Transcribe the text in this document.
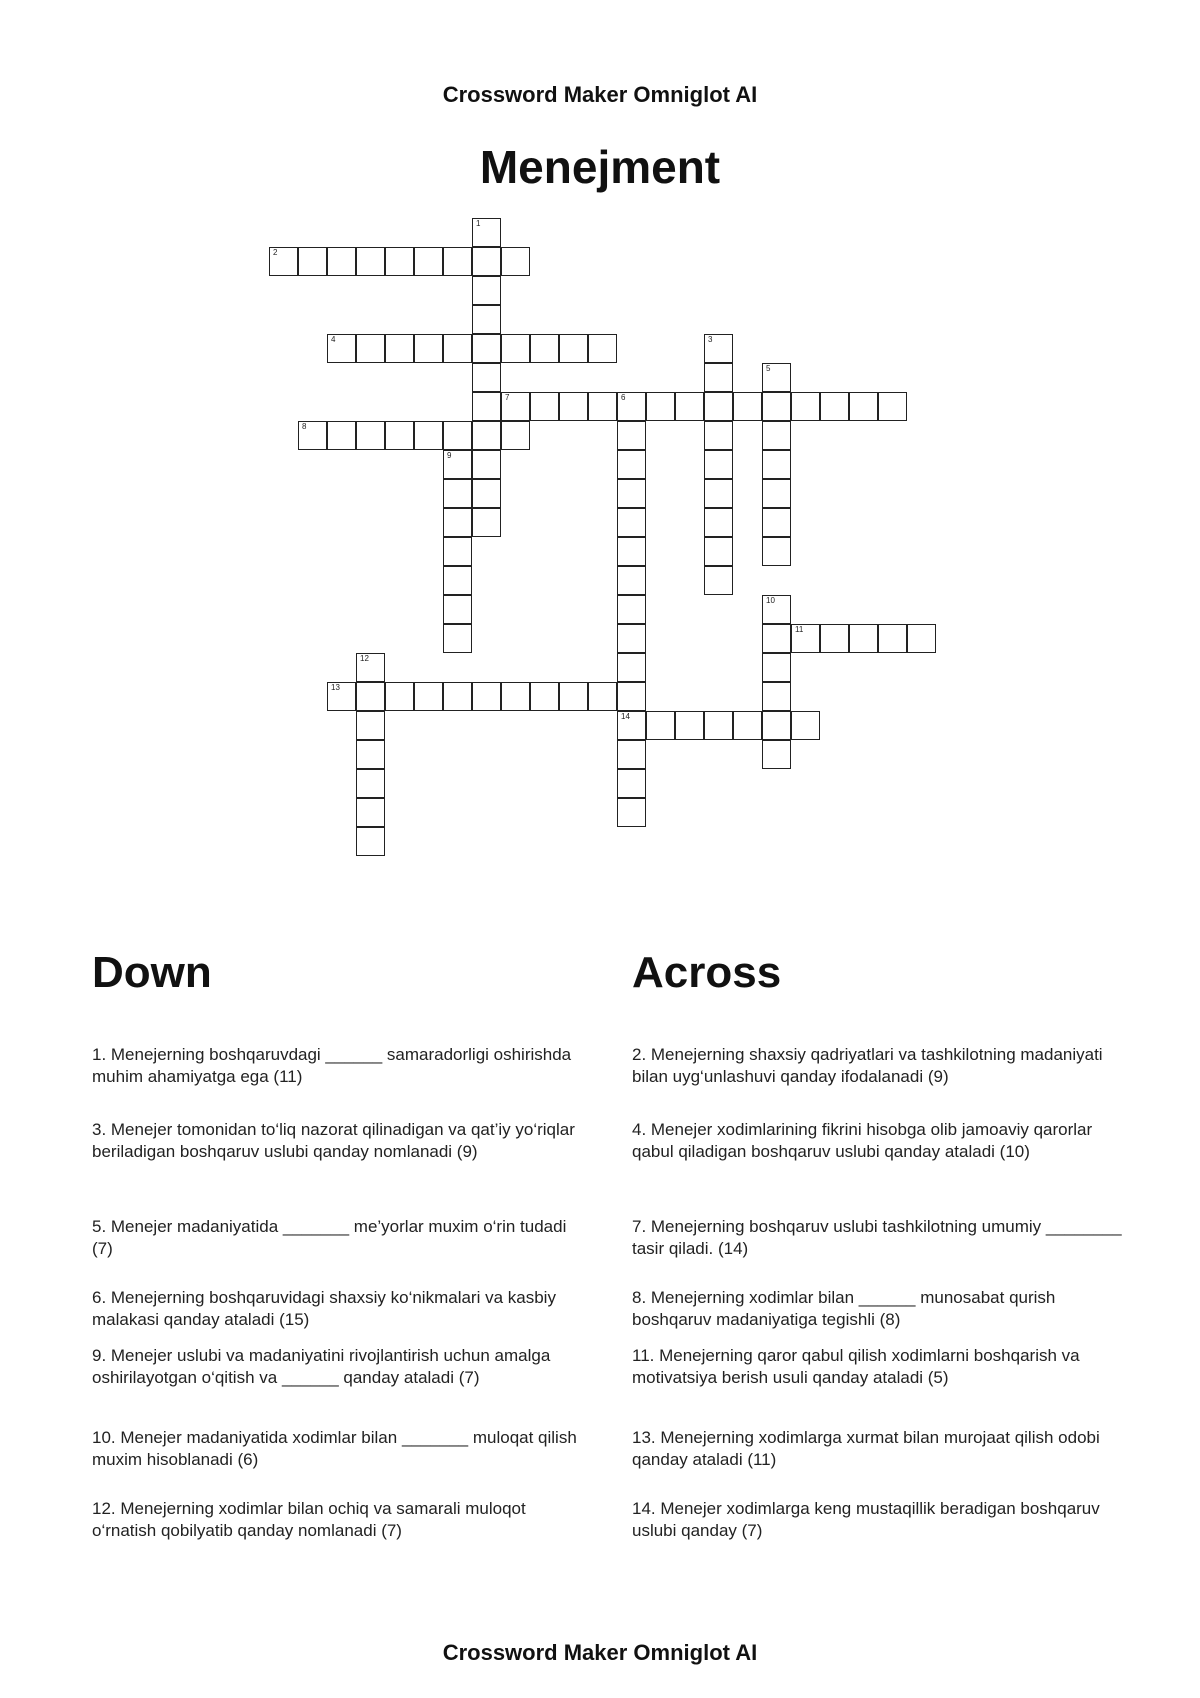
Crossword Maker Omniglot AI
Menejment
1
2
3
4
5
6
14
7
8
9
10
11
12
13
Down	Across
1. Menejerning boshqaruvdagi ______ samaradorligi oshirishda muhim ahamiyatga ega (11)
3. Menejer tomonidan to‘liq nazorat qilinadigan va qat’iy yo‘riqlar beriladigan boshqaruv uslubi qanday nomlanadi (9)
5. Menejer madaniyatida _______ me’yorlar muxim o‘rin tudadi (7)
6. Menejerning boshqaruvidagi shaxsiy ko‘nikmalari va kasbiy malakasi qanday ataladi (15)
9. Menejer uslubi va madaniyatini rivojlantirish uchun amalga oshirilayotgan o‘qitish va ______ qanday ataladi (7)
10. Menejer madaniyatida xodimlar bilan _______ muloqat qilish muxim hisoblanadi (6)
12. Menejerning xodimlar bilan ochiq va samarali muloqot o‘rnatish qobilyatib qanday nomlanadi (7)
2. Menejerning shaxsiy qadriyatlari va tashkilotning madaniyati bilan uyg‘unlashuvi qanday ifodalanadi (9)
4. Menejer xodimlarining fikrini hisobga olib jamoaviy qarorlar qabul qiladigan boshqaruv uslubi qanday ataladi (10)
7. Menejerning boshqaruv uslubi tashkilotning umumiy ________ tasir qiladi. (14)
8. Menejerning xodimlar bilan ______ munosabat qurish boshqaruv madaniyatiga tegishli (8)
11. Menejerning qaror qabul qilish xodimlarni boshqarish va motivatsiya berish usuli qanday ataladi (5)
13. Menejerning xodimlarga xurmat bilan murojaat qilish odobi qanday ataladi (11)
14. Menejer xodimlarga keng mustaqillik beradigan boshqaruv uslubi qanday (7)
Crossword Maker Omniglot AI
